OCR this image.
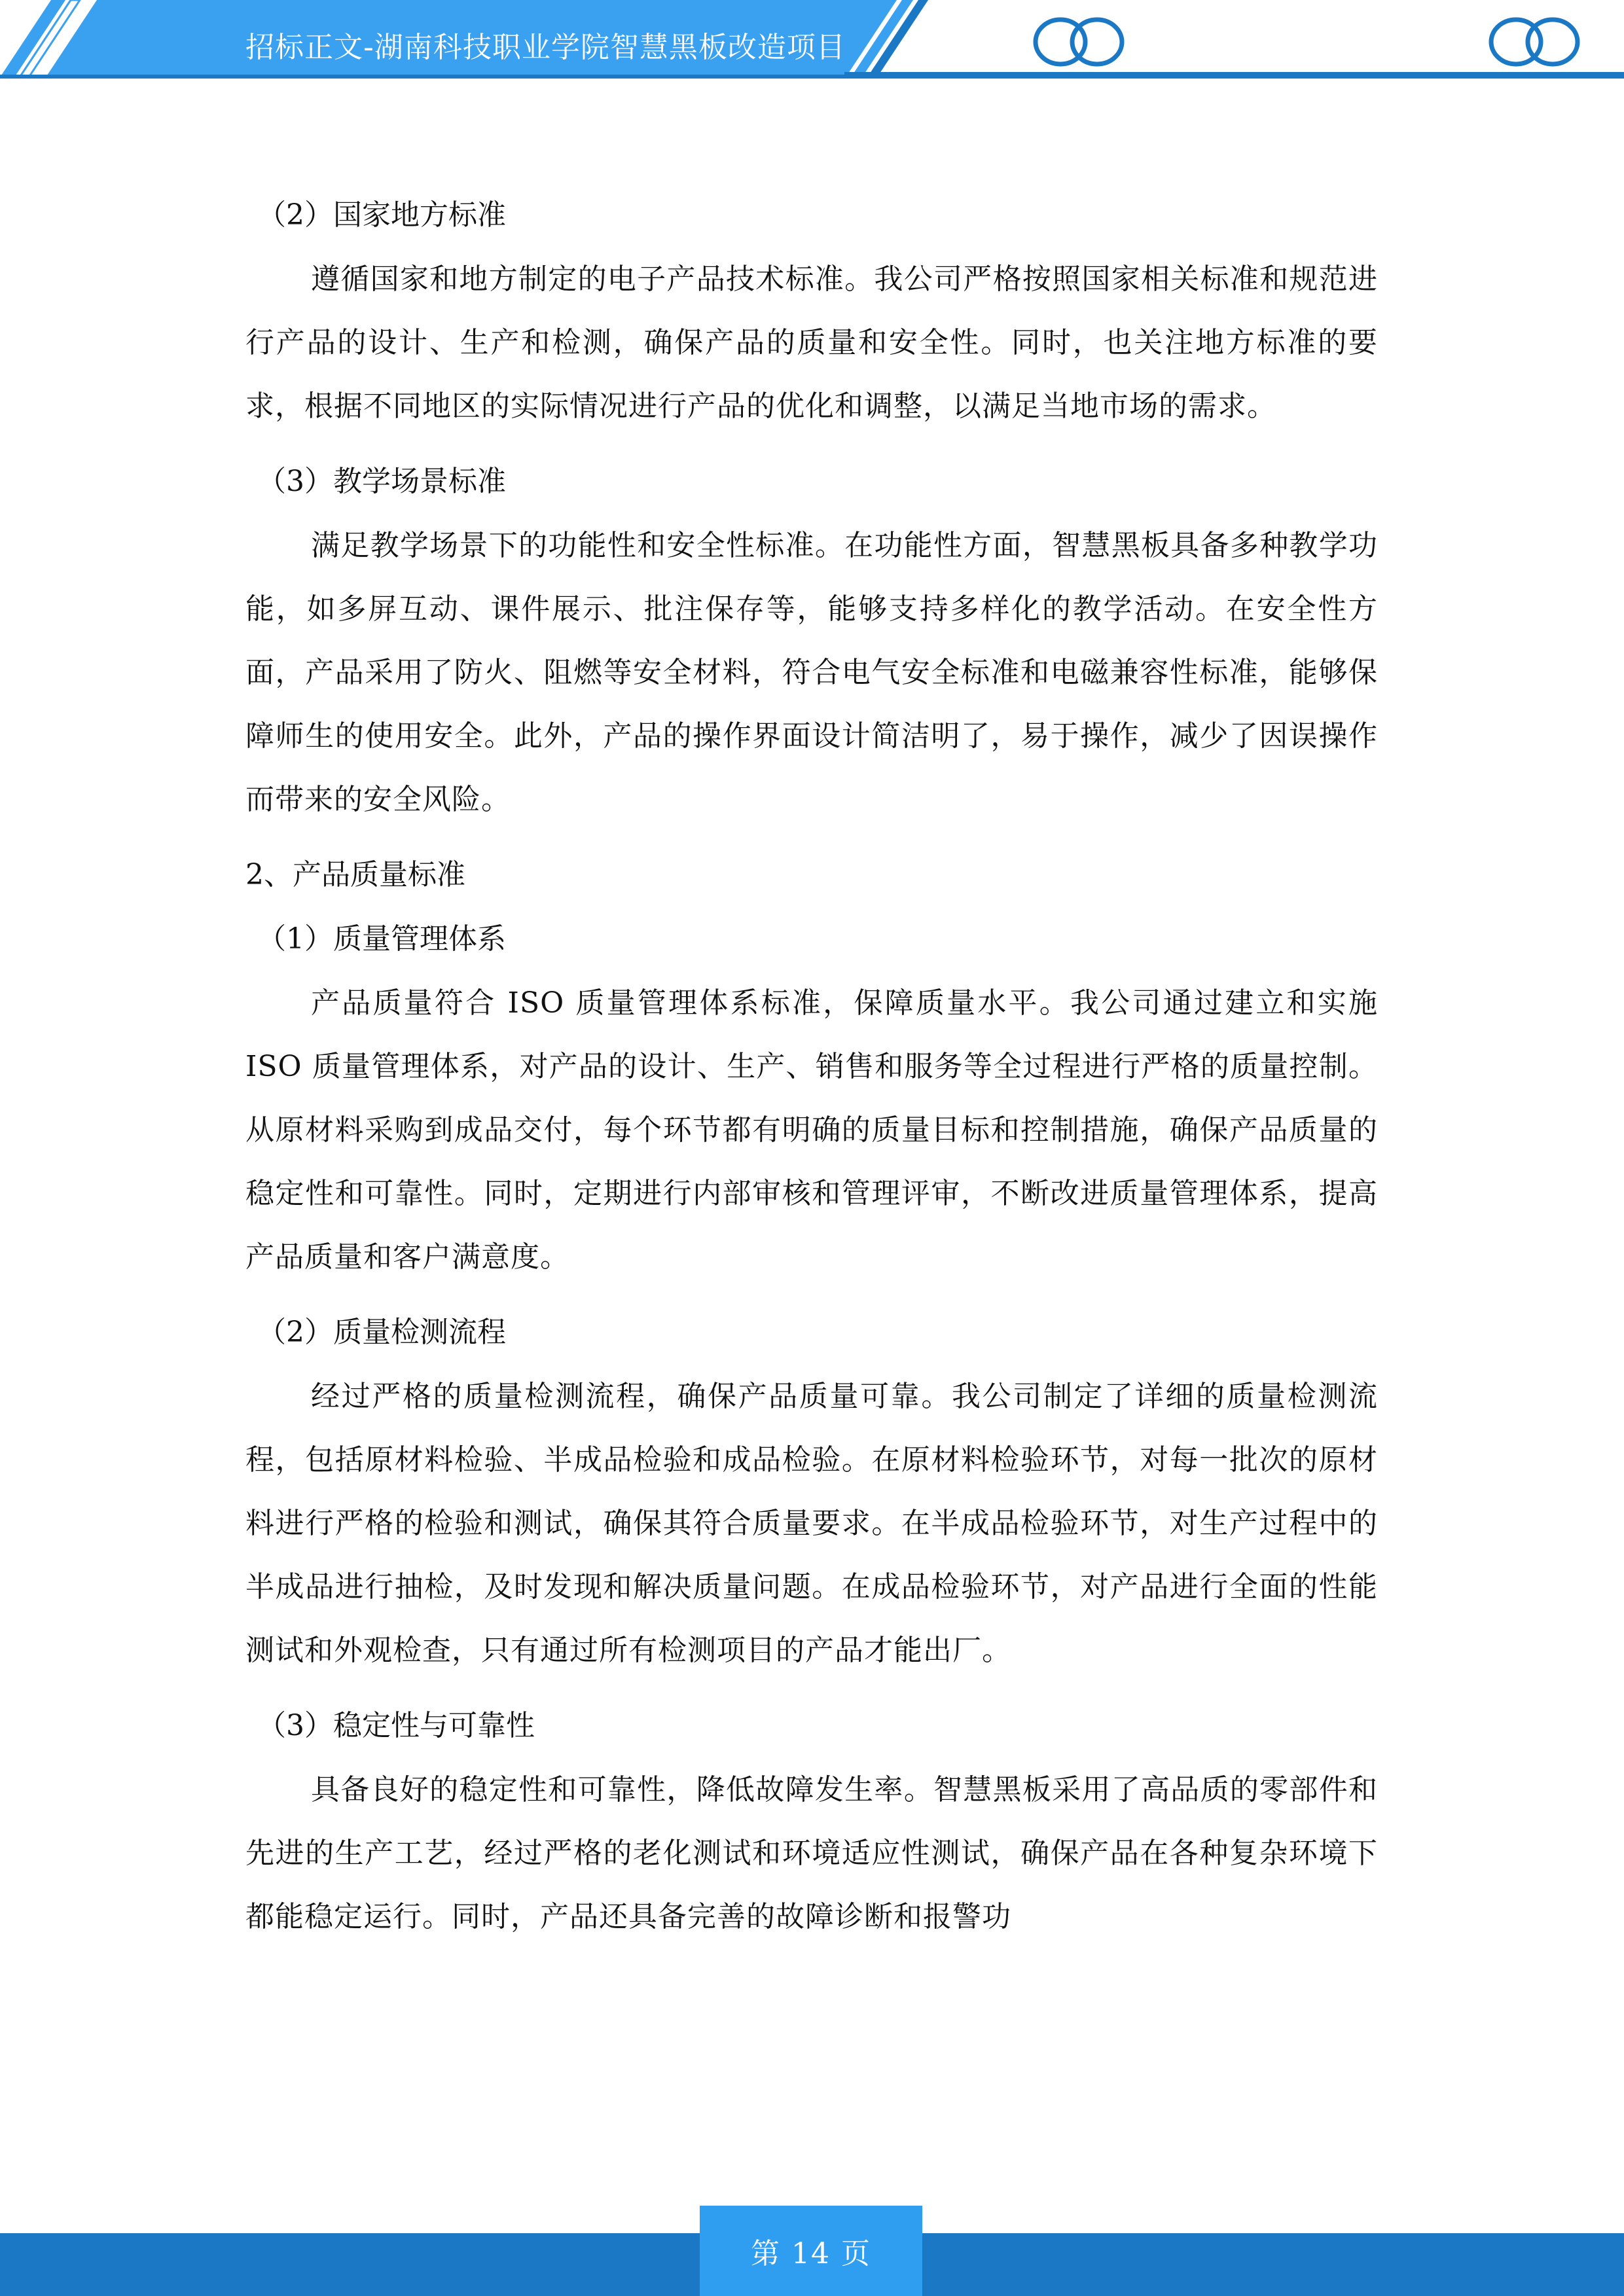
招标正文-湖南科技职业学院智慧黑板改造项目
（2）国家地方标准
遵循国家和地方制定的电子产品技术标准。我公司严格按照国家相关标准和规范进行产品的设计、生产和检测，确保产品的质量和安全性。同时，也关注地方标准的要求，根据不同地区的实际情况进行产品的优化和调整，以满足当地市场的需求。
（3）教学场景标准
满足教学场景下的功能性和安全性标准。在功能性方面，智慧黑板具备多种教学功能，如多屏互动、课件展示、批注保存等，能够支持多样化的教学活动。在安全性方面，产品采用了防火、阻燃等安全材料，符合电气安全标准和电磁兼容性标准，能够保障师生的使用安全。此外，产品的操作界面设计简洁明了，易于操作，减少了因误操作而带来的安全风险。
2、产品质量标准
（1）质量管理体系
产品质量符合 ISO 质量管理体系标准，保障质量水平。我公司通过建立和实施 ISO 质量管理体系，对产品的设计、生产、销售和服务等全过程进行严格的质量控制。从原材料采购到成品交付，每个环节都有明确的质量目标和控制措施，确保产品质量的稳定性和可靠性。同时，定期进行内部审核和管理评审，不断改进质量管理体系，提高产品质量和客户满意度。
（2）质量检测流程
经过严格的质量检测流程，确保产品质量可靠。我公司制定了详细的质量检测流程，包括原材料检验、半成品检验和成品检验。在原材料检验环节，对每一批次的原材料进行严格的检验和测试，确保其符合质量要求。在半成品检验环节，对生产过程中的半成品进行抽检，及时发现和解决质量问题。在成品检验环节，对产品进行全面的性能测试和外观检查，只有通过所有检测项目的产品才能出厂。
（3）稳定性与可靠性
具备良好的稳定性和可靠性，降低故障发生率。智慧黑板采用了高品质的零部件和先进的生产工艺，经过严格的老化测试和环境适应性测试，确保产品在各种复杂环境下都能稳定运行。同时，产品还具备完善的故障诊断和报警功
第 14 页
